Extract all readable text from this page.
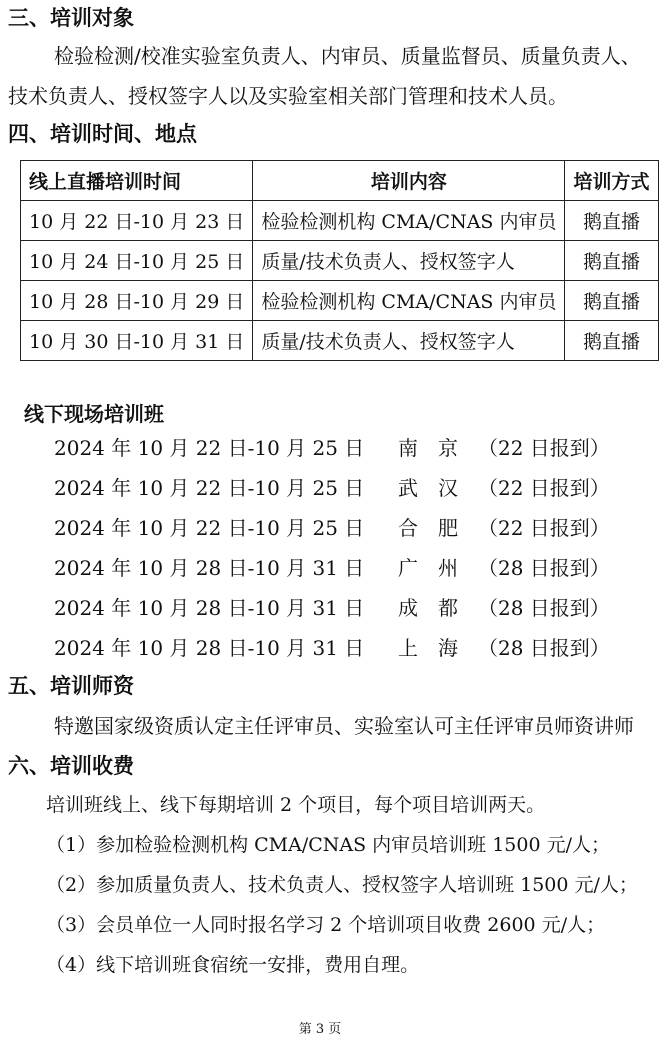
三、培训对象
检验检测/校准实验室负责人、内审员、质量监督员、质量负责人、
技术负责人、授权签字人以及实验室相关部门管理和技术人员。
四、培训时间、地点
线上直播培训时间	培训内容	培训方式
10 月 22 日-10 月 23 日	检验检测机构 CMA/CNAS 内审员	鹅直播
10 月 24 日-10 月 25 日	质量/技术负责人、授权签字人	鹅直播
10 月 28 日-10 月 29 日	检验检测机构 CMA/CNAS 内审员	鹅直播
10 月 30 日-10 月 31 日	质量/技术负责人、授权签字人	鹅直播
线下现场培训班
2024 年 10 月 22 日-10 月 25 日 南京 （22 日报到）
2024 年 10 月 22 日-10 月 25 日 武汉 （22 日报到）
2024 年 10 月 22 日-10 月 25 日 合肥 （22 日报到）
2024 年 10 月 28 日-10 月 31 日 广州 （28 日报到）
2024 年 10 月 28 日-10 月 31 日 成都 （28 日报到）
2024 年 10 月 28 日-10 月 31 日 上海 （28 日报到）
五、培训师资
特邀国家级资质认定主任评审员、实验室认可主任评审员师资讲师
六、培训收费
培训班线上、线下每期培训 2 个项目，每个项目培训两天。
（1）参加检验检测机构 CMA/CNAS 内审员培训班 1500 元/人；
（2）参加质量负责人、技术负责人、授权签字人培训班 1500 元/人；
（3）会员单位一人同时报名学习 2 个培训项目收费 2600 元/人；
（4）线下培训班食宿统一安排，费用自理。
第 3 页
